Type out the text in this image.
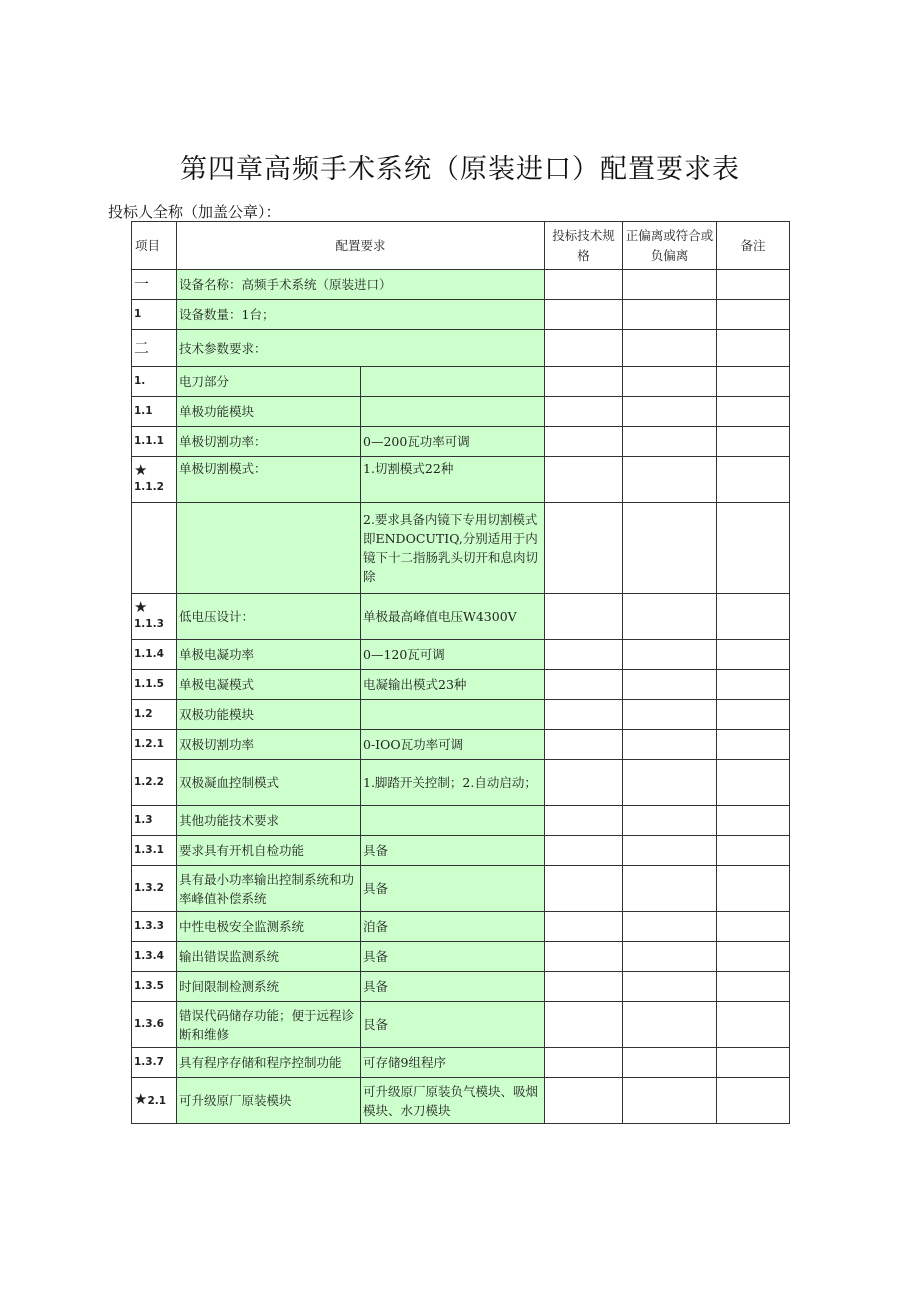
第四章高频手术系统（原装进口）配置要求表
投标人全称（加盖公章）：
项目	配置要求		投标技术规格	正偏离或符合或负偏离	备注
一	设备名称：高频手术系统（原装进口）				
1	设备数量：1台；				
二	技术参数要求：				
1.	电刀部分				
1.1	单极功能模块				
1.1.1	单极切割功率：	0—200瓦功率可调			

★
1.1.2	单极切割模式：	1.切割模式22种			
		2.要求具备内镜下专用切割模式即ENDOCUTIQ,分别适用于内镜下十二指肠乳头切开和息肉切除			

★
1.1.3	低电压设计：	单极最高峰值电压W4300V			
1.1.4	单极电凝功率	0—120瓦可调			
1.1.5	单极电凝模式	电凝输出模式23种			
1.2	双极功能模块				
1.2.1	双极切割功率	0-IOO瓦功率可调			
1.2.2	双极凝血控制模式	1.脚踏开关控制；2.自动启动；			
1.3	其他功能技术要求				
1.3.1	要求具有开机自检功能	具备			
1.3.2	具有最小功率输出控制系统和功率峰值补偿系统	具备			
1.3.3	中性电极安全监测系统	洎备			
1.3.4	输出错误监测系统	具备			
1.3.5	时间限制检测系统	具备			
1.3.6	错误代码储存功能；便于远程诊断和维修	艮备			
1.3.7	具有程序存储和程序控制功能	可存储9组程序			
★2.1	可升级原厂原装模块	可升级原厂原装负气模块、吸烟模块、水刀模块			
